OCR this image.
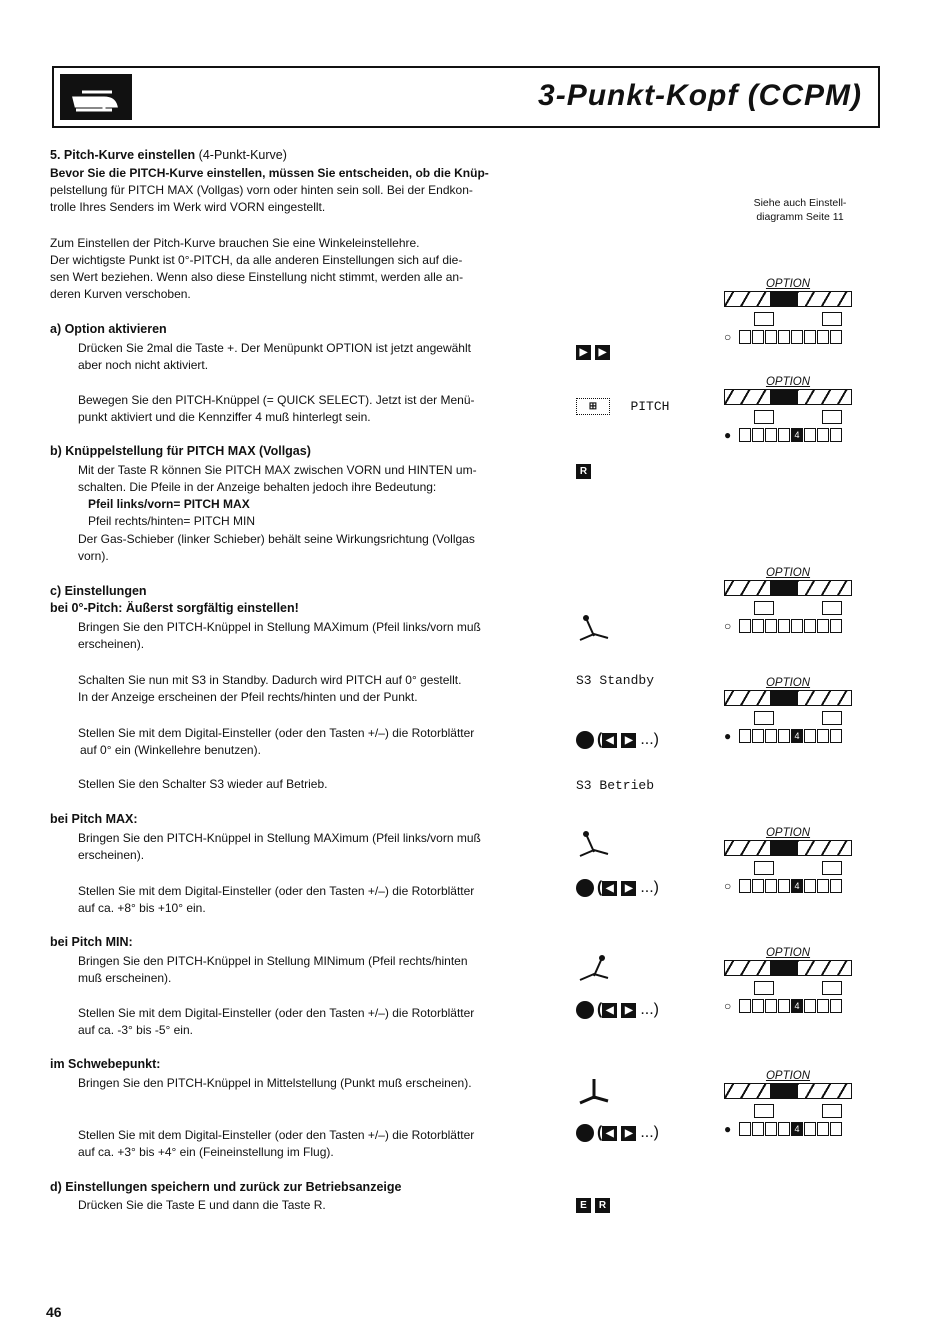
3-Punkt-Kopf (CCPM)
5. Pitch-Kurve einstellen (4-Punkt-Kurve)
Bevor Sie die PITCH-Kurve einstellen, müssen Sie entscheiden, ob die Knüp-
pelstellung für PITCH MAX (Vollgas) vorn oder hinten sein soll. Bei der Endkon-
trolle Ihres Senders im Werk wird VORN eingestellt.	Siehe auch Einstell-
diagramm Seite 11
Zum Einstellen der Pitch-Kurve brauchen Sie eine Winkeleinstellehre.
Der wichtigste Punkt ist 0°-PITCH, da alle anderen Einstellungen sich auf die-
sen Wert beziehen. Wenn also diese Einstellung nicht stimmt, werden alle an-
deren Kurven verschoben.
a) Option aktivieren
Drücken Sie 2mal die Taste +. Der Menüpunkt OPTION ist jetzt angewählt
aber noch nicht aktiviert.
▶ ▶
Bewegen Sie den PITCH-Knüppel (= QUICK SELECT). Jetzt ist der Menü-
punkt aktiviert und die Kennziffer 4 muß hinterlegt sein.
⊞	PITCH
b) Knüppelstellung für PITCH MAX (Vollgas)
Mit der Taste R können Sie PITCH MAX zwischen VORN und HINTEN um-
schalten. Die Pfeile in der Anzeige behalten jedoch ihre Bedeutung:
Pfeil links/vorn= PITCH MAX
Pfeil rechts/hinten= PITCH MIN
Der Gas-Schieber (linker Schieber) behält seine Wirkungsrichtung (Vollgas
vorn).
R
c) Einstellungen
bei 0°-Pitch: Äußerst sorgfältig einstellen!
Bringen Sie den PITCH-Knüppel in Stellung MAXimum (Pfeil links/vorn muß
erscheinen).
Schalten Sie nun mit S3 in Standby. Dadurch wird PITCH auf 0° gestellt.
In der Anzeige erscheinen der Pfeil rechts/hinten und der Punkt.
S3 Standby
Stellen Sie mit dem Digital-Einsteller (oder den Tasten +/–) die Rotorblätter
auf 0° ein (Winkellehre benutzen).
Stellen Sie den Schalter S3 wieder auf Betrieb.	S3 Betrieb
bei Pitch MAX:
Bringen Sie den PITCH-Knüppel in Stellung MAXimum (Pfeil links/vorn muß
erscheinen).
Stellen Sie mit dem Digital-Einsteller (oder den Tasten +/–) die Rotorblätter
auf ca. +8° bis +10° ein.
bei Pitch MIN:
Bringen Sie den PITCH-Knüppel in Stellung MINimum (Pfeil rechts/hinten
muß erscheinen).
Stellen Sie mit dem Digital-Einsteller (oder den Tasten +/–) die Rotorblätter
auf ca. -3° bis -5° ein.
im Schwebepunkt:
Bringen Sie den PITCH-Knüppel in Mittelstellung (Punkt muß erscheinen).
Stellen Sie mit dem Digital-Einsteller (oder den Tasten +/–) die Rotorblätter
auf ca. +3° bis +4° ein (Feineinstellung im Flug).
d) Einstellungen speichern und zurück zur Betriebsanzeige
Drücken Sie die Taste E und dann die Taste R.	E R
( ◀ ▶ ...)
( ◀ ▶ ...)
( ◀ ▶ ...)
( ◀ ▶ ...)
OPTION
○
OPTION
●	4
OPTION
○
OPTION
●	4
OPTION
○	4
OPTION
○	4
OPTION
●	4
46
